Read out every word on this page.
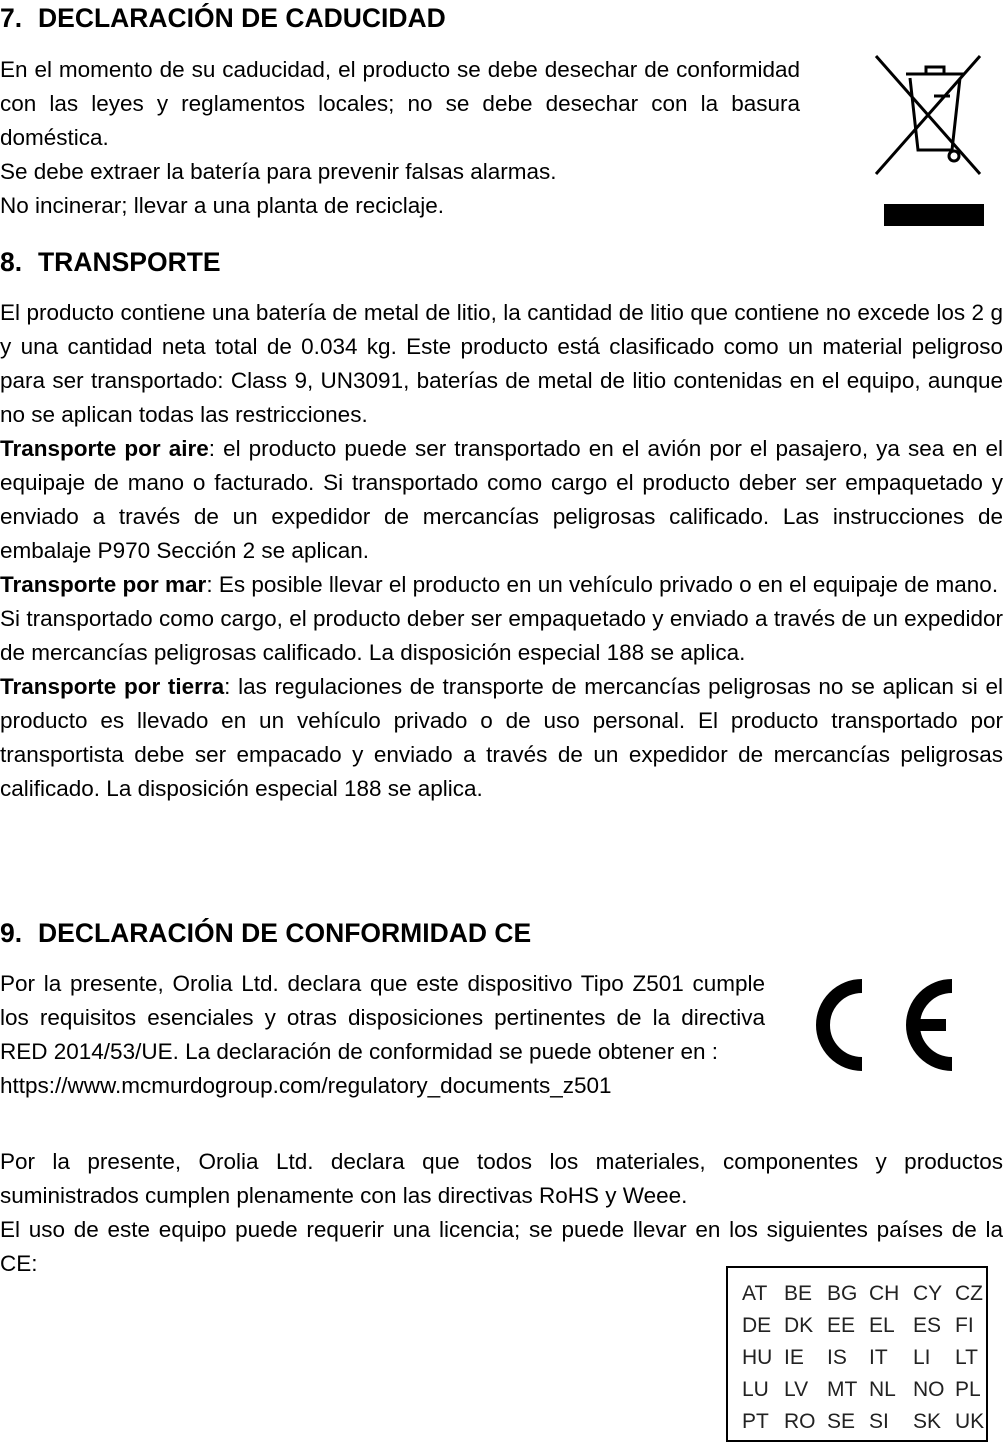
7. DECLARACIÓN DE CADUCIDAD

En el momento de su caducidad, el producto se debe desechar de conformidad con las leyes y reglamentos locales; no se debe desechar con la basura doméstica.

Se debe extraer la batería para prevenir falsas alarmas.

No incinerar; llevar a una planta de reciclaje.

8. TRANSPORTE

El producto contiene una batería de metal de litio, la cantidad de litio que contiene no excede los 2 g y una cantidad neta total de 0.034 kg. Este producto está clasificado como un material peligroso para ser transportado: Class 9, UN3091, baterías de metal de litio contenidas en el equipo, aunque no se aplican todas las restricciones.

Transporte por aire: el producto puede ser transportado en el avión por el pasajero, ya sea en el equipaje de mano o facturado. Si transportado como cargo el producto deber ser empaquetado y enviado a través de un expedidor de mercancías peligrosas calificado. Las instrucciones de embalaje P970 Sección 2 se aplican.

Transporte por mar: Es posible llevar el producto en un vehículo privado o en el equipaje de mano.

Si transportado como cargo, el producto deber ser empaquetado y enviado a través de un expedidor de mercancías peligrosas calificado. La disposición especial 188 se aplica.

Transporte por tierra: las regulaciones de transporte de mercancías peligrosas no se aplican si el producto es llevado en un vehículo privado o de uso personal. El producto transportado por transportista debe ser empacado y enviado a través de un expedidor de mercancías peligrosas calificado. La disposición especial 188 se aplica.

9. DECLARACIÓN DE CONFORMIDAD CE

Por la presente, Orolia Ltd. declara que este dispositivo Tipo Z501 cumple los requisitos esenciales y otras disposiciones pertinentes de la directiva RED 2014/53/UE. La declaración de conformidad se puede obtener en :

https://www.mcmurdogroup.com/regulatory_documents_z501

Por la presente, Orolia Ltd. declara que todos los materiales, componentes y productos suministrados cumplen plenamente con las directivas RoHS y Weee.

El uso de este equipo puede requerir una licencia; se puede llevar en los siguientes países de la CE:

AT BE BG CH CY CZ
DE DK EE EL ES FI
HU IE	IS	IT	LI	LT
LU LV MT NL NO PL
PT RO SE SI	SK UK
